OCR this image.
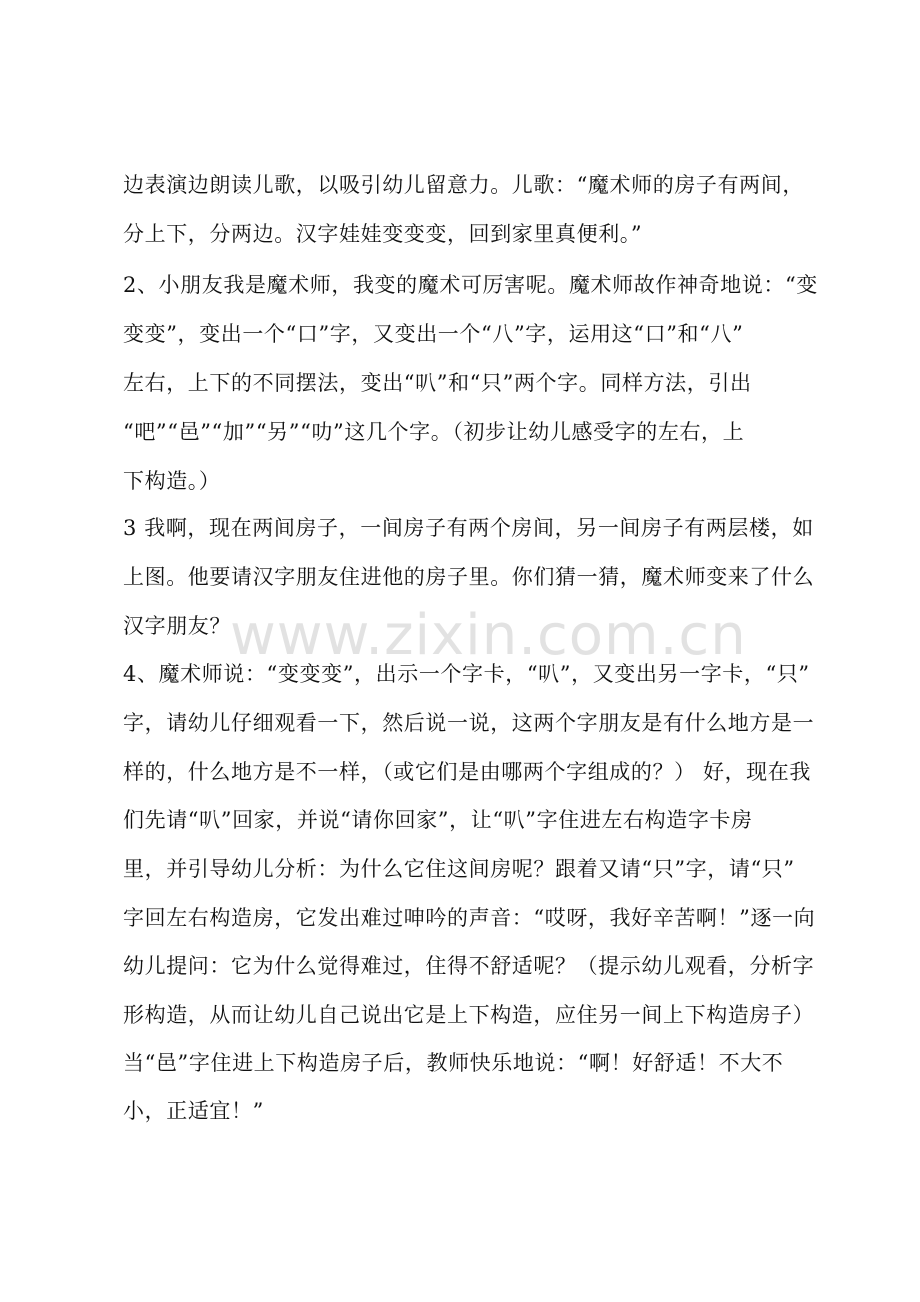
边表演边朗读儿歌，以吸引幼儿留意力。儿歌：“魔术师的房子有两间，
分上下，分两边。汉字娃娃变变变，回到家里真便利。”
2、小朋友我是魔术师，我变的魔术可厉害呢。魔术师故作神奇地说：“变
变变”，变出一个“口”字，又变出一个“八”字，运用这“口”和“八”
左右，上下的不同摆法，变出“叭”和“只”两个字。同样方法，引出
“吧”“邑”“加”“另”“叻”这几个字。（初步让幼儿感受字的左右，上
下构造。）
3 我啊，现在两间房子，一间房子有两个房间，另一间房子有两层楼，如
上图。他要请汉字朋友住进他的房子里。你们猜一猜，魔术师变来了什么
汉字朋友？
4、魔术师说：“变变变”，出示一个字卡，“叭”，又变出另一字卡，“只”
字，请幼儿仔细观看一下，然后说一说，这两个字朋友是有什么地方是一
样的，什么地方是不一样，（或它们是由哪两个字组成的？） 好，现在我
们先请“叭”回家，并说“请你回家”，让“叭”字住进左右构造字卡房
里，并引导幼儿分析：为什么它住这间房呢？跟着又请“只”字，请“只”
字回左右构造房，它发出难过呻吟的声音：“哎呀，我好辛苦啊！”逐一向
幼儿提问：它为什么觉得难过，住得不舒适呢？（提示幼儿观看，分析字
形构造，从而让幼儿自己说出它是上下构造，应住另一间上下构造房子）
当“邑”字住进上下构造房子后，教师快乐地说：“啊！好舒适！不大不
小，正适宜！”
www.zixin.com.cn
